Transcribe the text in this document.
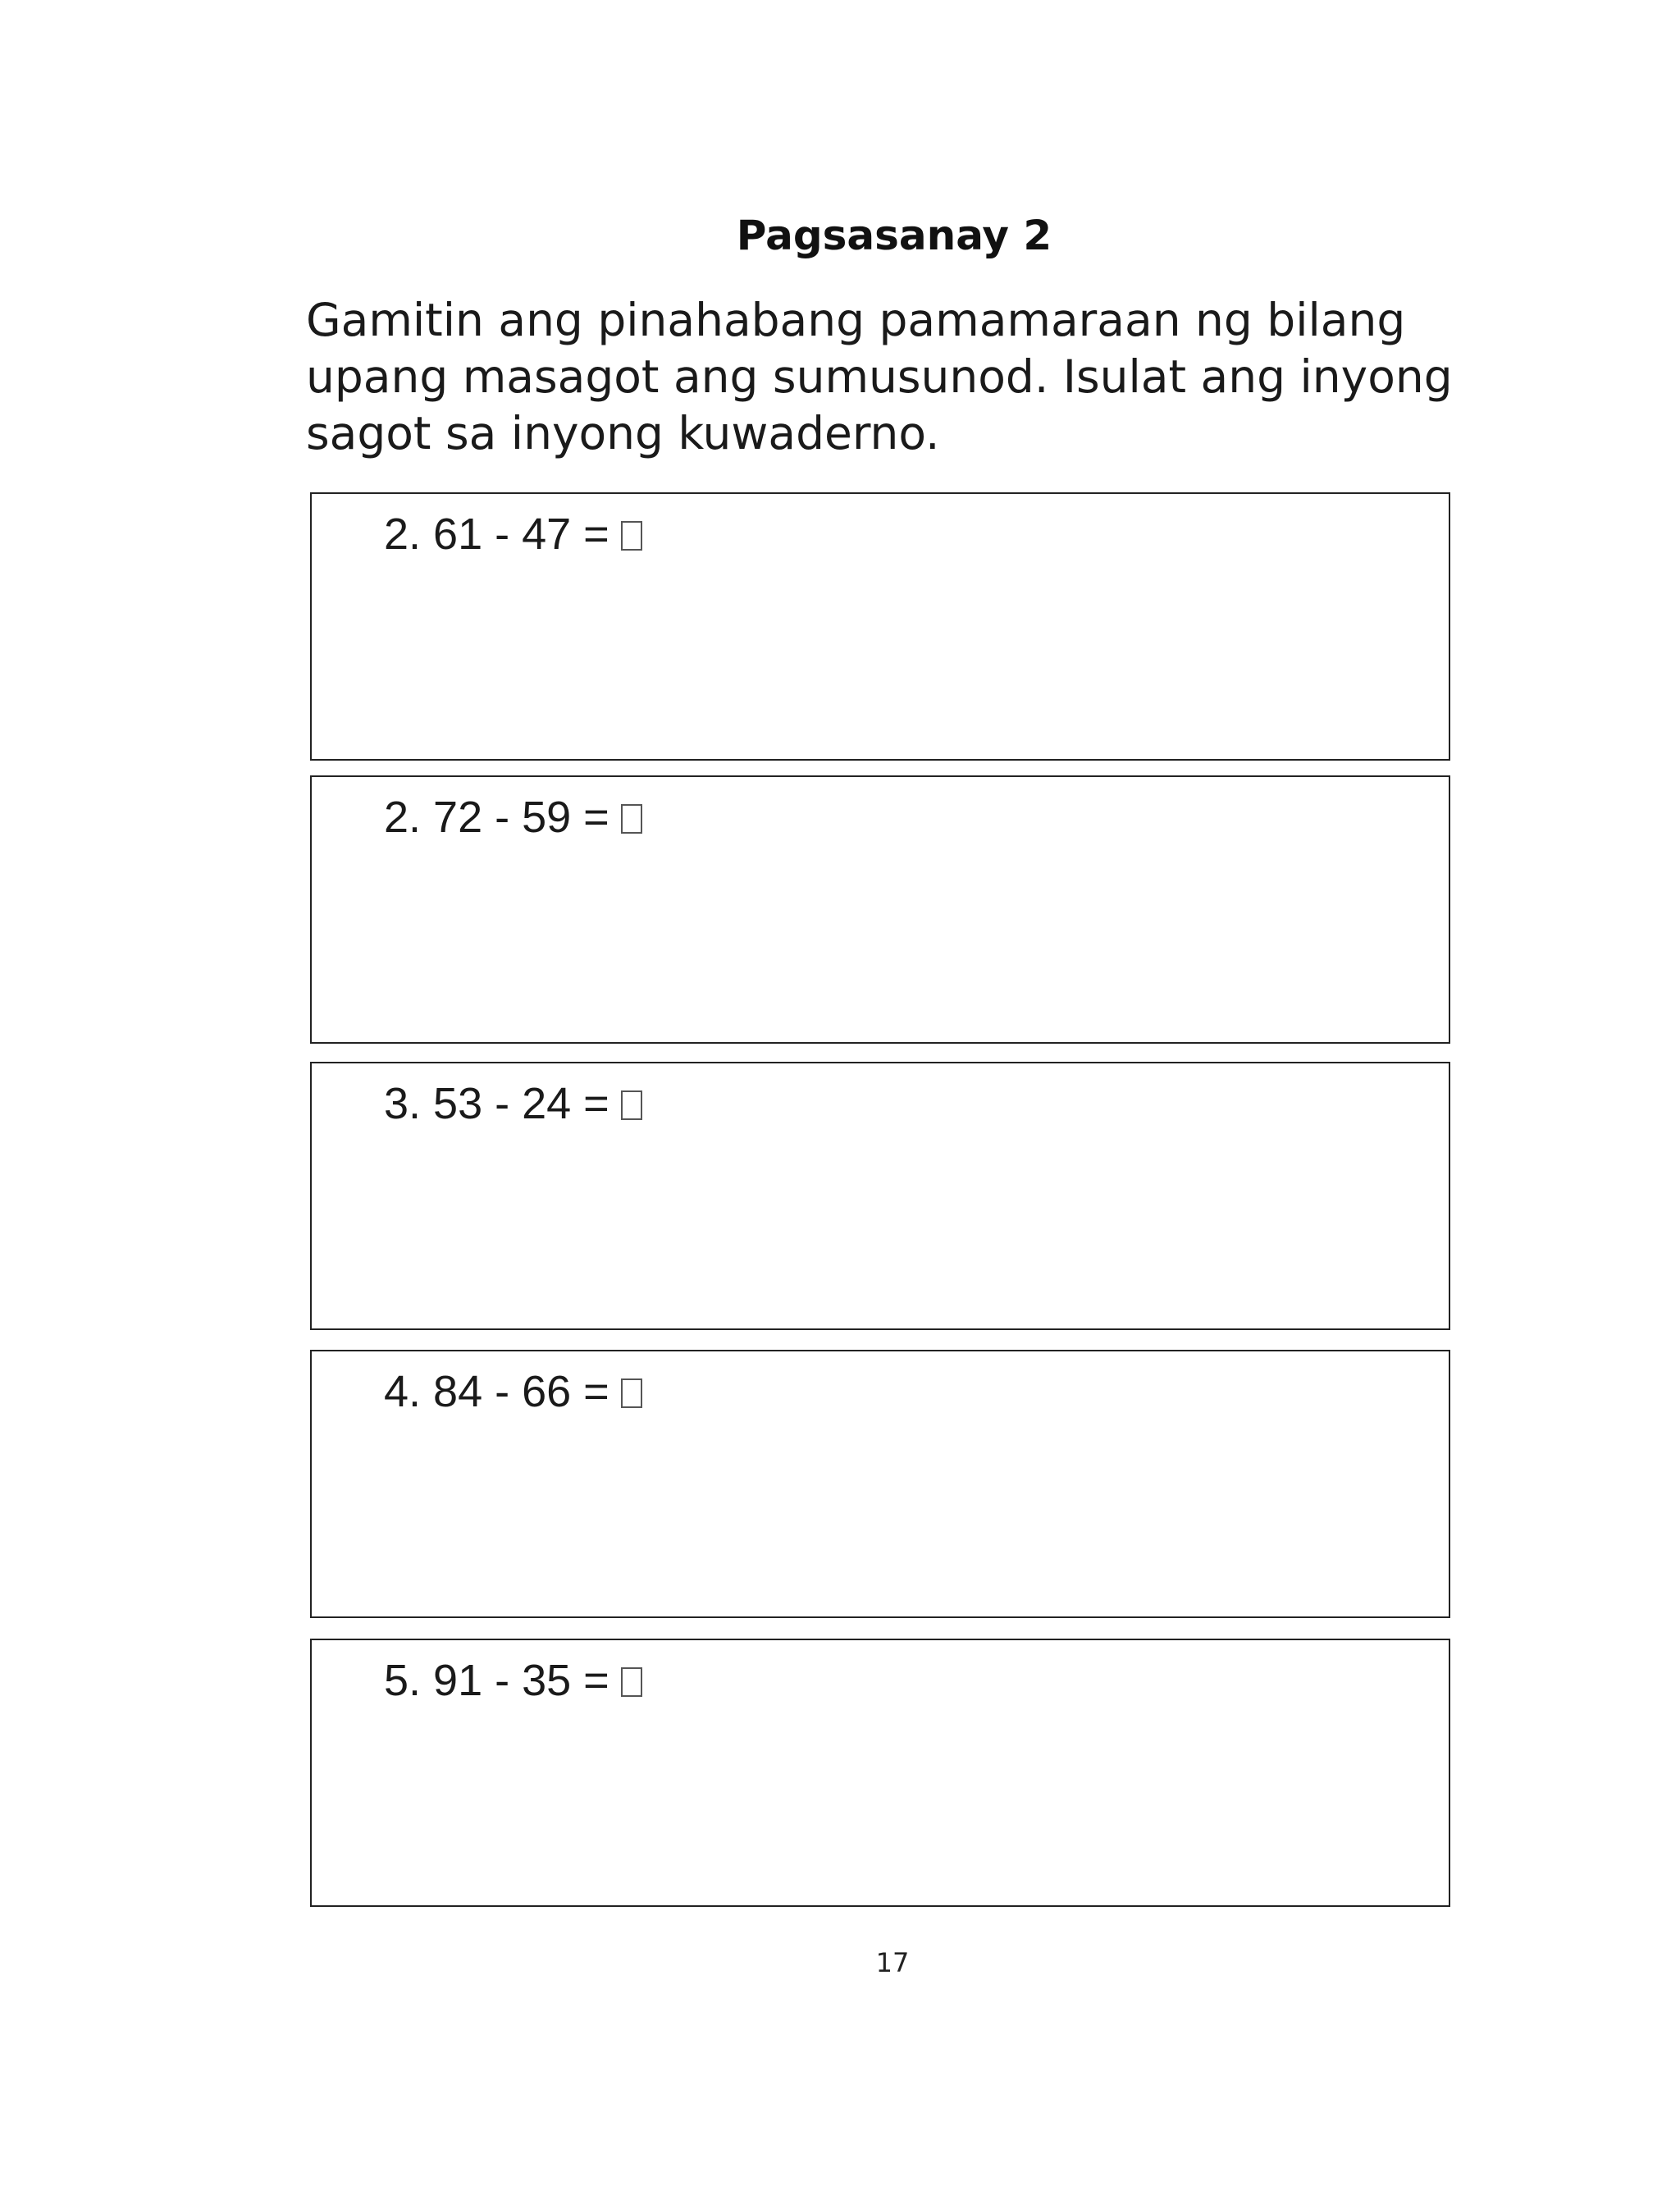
Pagsasanay 2
Gamitin ang pinahabang pamamaraan ng bilang upang masagot ang sumusunod. Isulat ang inyong sagot sa inyong kuwaderno.
2. 61 - 47 =
2. 72 - 59 =
3. 53 - 24 =
4. 84 - 66 =
5. 91 - 35 =
17
